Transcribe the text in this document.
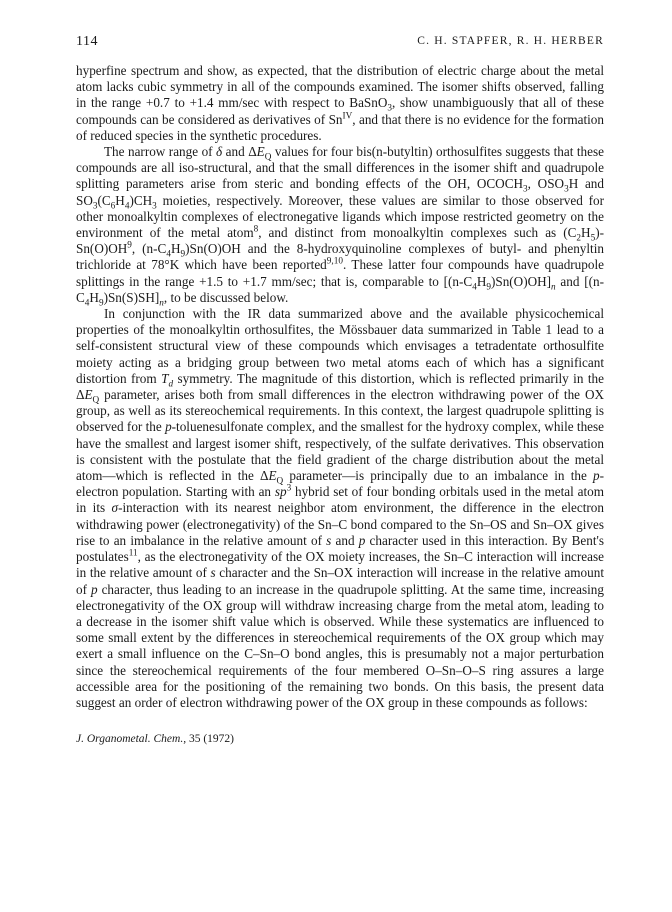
114	C. H. STAPFER, R. H. HERBER

hyperfine spectrum and show, as expected, that the distribution of electric charge about the metal atom lacks cubic symmetry in all of the compounds examined. The isomer shifts observed, falling in the range +0.7 to +1.4 mm/sec with respect to BaSnO$_3$, show unambiguously that all of these compounds can be considered as derivatives of $Sn^{IV}$, and that there is no evidence for the formation of reduced species in the synthetic procedures.

The narrow range of δ and $\Delta E_Q$ values for four bis(n-butyltin) orthosulfites suggests that these compounds are all iso-structural, and that the small differences in the isomer shift and quadrupole splitting parameters arise from steric and bonding effects of the OH, $OCOCH_3$, $OSO_3H$ and $SO_3(C_6H_4)CH_3$ moieties, respectively. Moreover, these values are similar to those observed for other monoalkyltin complexes of electronegative ligands which impose restricted geometry on the environment of the metal atom$^8$, and distinct from monoalkyltin complexes such as $(C_2H_5)-Sn(O)OH^9$, $(n-C_4H_9)Sn(O)OH$ and the 8-hydroxyquinoline complexes of butyl- and phenyltin trichloride at 78°K which have been reported$^{9,10}$. These latter four compounds have quadrupole splittings in the range +1.5 to +1.7 mm/sec; that is, comparable to $[(n-C_4H_9)Sn(O)OH]_n$ and $[(n-C_4H_9)Sn(S)SH]_n$, to be discussed below.

In conjunction with the IR data summarized above and the available physicochemical properties of the monoalkyltin orthosulfites, the Mössbauer data summarized in Table 1 lead to a self-consistent structural view of these compounds which envisages a tetradentate orthosulfite moiety acting as a bridging group between two metal atoms each of which has a significant distortion from $T_d$ symmetry. The magnitude of this distortion, which is reflected primarily in the $\Delta E_Q$ parameter, arises both from small differences in the electron withdrawing power of the OX group, as well as its stereochemical requirements. In this context, the largest quadrupole splitting is observed for the p-toluenesulfonate complex, and the smallest for the hydroxy complex, while these have the smallest and largest isomer shift, respectively, of the sulfate derivatives. This observation is consistent with the postulate that the field gradient of the charge distribution about the metal atom—which is reflected in the $\Delta E_Q$ parameter—is principally due to an imbalance in the p-electron population. Starting with an $sp^3$ hybrid set of four bonding orbitals used in the metal atom in its σ-interaction with its nearest neighbor atom environment, the difference in the electron withdrawing power (electronegativity) of the Sn–C bond compared to the Sn–OS and Sn–OX gives rise to an imbalance in the relative amount of s and p character used in this interaction. By Bent's postulates$^{11}$, as the electronegativity of the OX moiety increases, the Sn–C interaction will increase in the relative amount of s character and the Sn–OX interaction will increase in the relative amount of p character, thus leading to an increase in the quadrupole splitting. At the same time, increasing electronegativity of the OX group will withdraw increasing charge from the metal atom, leading to a decrease in the isomer shift value which is observed. While these systematics are influenced to some small extent by the differences in stereochemical requirements of the OX group which may exert a small influence on the C–Sn–O bond angles, this is presumably not a major perturbation since the stereochemical requirements of the four membered O–Sn–O–S ring assures a large accessible area for the positioning of the remaining two bonds. On this basis, the present data suggest an order of electron withdrawing power of the OX group in these compounds as follows:

J. Organometal. Chem., 35 (1972)
